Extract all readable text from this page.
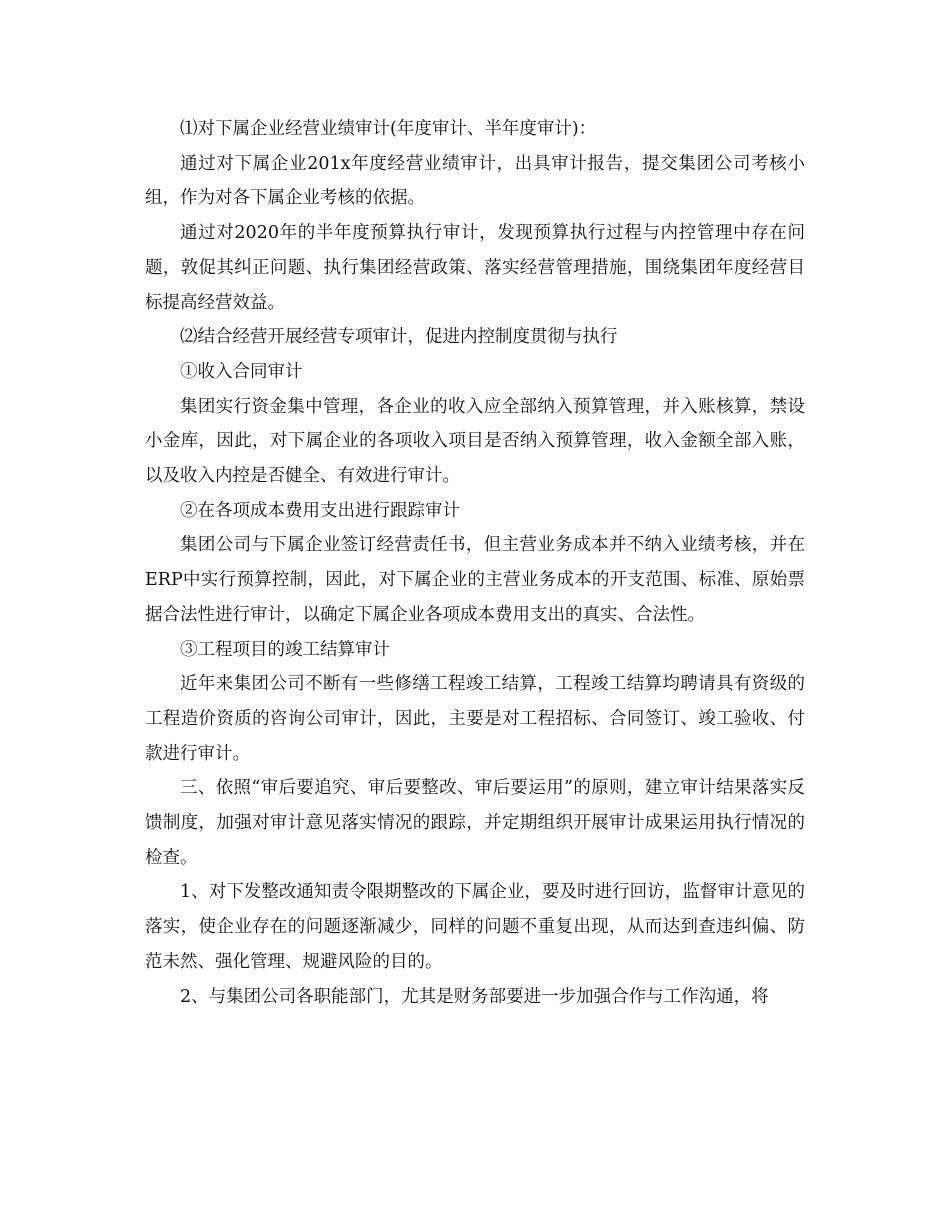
⑴对下属企业经营业绩审计(年度审计、半年度审计)：

通过对下属企业201x年度经营业绩审计，出具审计报告，提交集团公司考核小组，作为对各下属企业考核的依据。

通过对2020年的半年度预算执行审计，发现预算执行过程与内控管理中存在问题，敦促其纠正问题、执行集团经营政策、落实经营管理措施，围绕集团年度经营目标提高经营效益。

⑵结合经营开展经营专项审计，促进内控制度贯彻与执行

①收入合同审计

集团实行资金集中管理，各企业的收入应全部纳入预算管理，并入账核算，禁设小金库，因此，对下属企业的各项收入项目是否纳入预算管理，收入金额全部入账，以及收入内控是否健全、有效进行审计。

②在各项成本费用支出进行跟踪审计

集团公司与下属企业签订经营责任书，但主营业务成本并不纳入业绩考核，并在ERP中实行预算控制，因此，对下属企业的主营业务成本的开支范围、标准、原始票据合法性进行审计，以确定下属企业各项成本费用支出的真实、合法性。

③工程项目的竣工结算审计

近年来集团公司不断有一些修缮工程竣工结算，工程竣工结算均聘请具有资级的工程造价资质的咨询公司审计，因此，主要是对工程招标、合同签订、竣工验收、付款进行审计。

三、依照“审后要追究、审后要整改、审后要运用”的原则，建立审计结果落实反馈制度，加强对审计意见落实情况的跟踪，并定期组织开展审计成果运用执行情况的检查。

1、对下发整改通知责令限期整改的下属企业，要及时进行回访，监督审计意见的落实，使企业存在的问题逐渐减少，同样的问题不重复出现，从而达到查违纠偏、防范未然、强化管理、规避风险的目的。

2、与集团公司各职能部门，尤其是财务部要进一步加强合作与工作沟通，将
